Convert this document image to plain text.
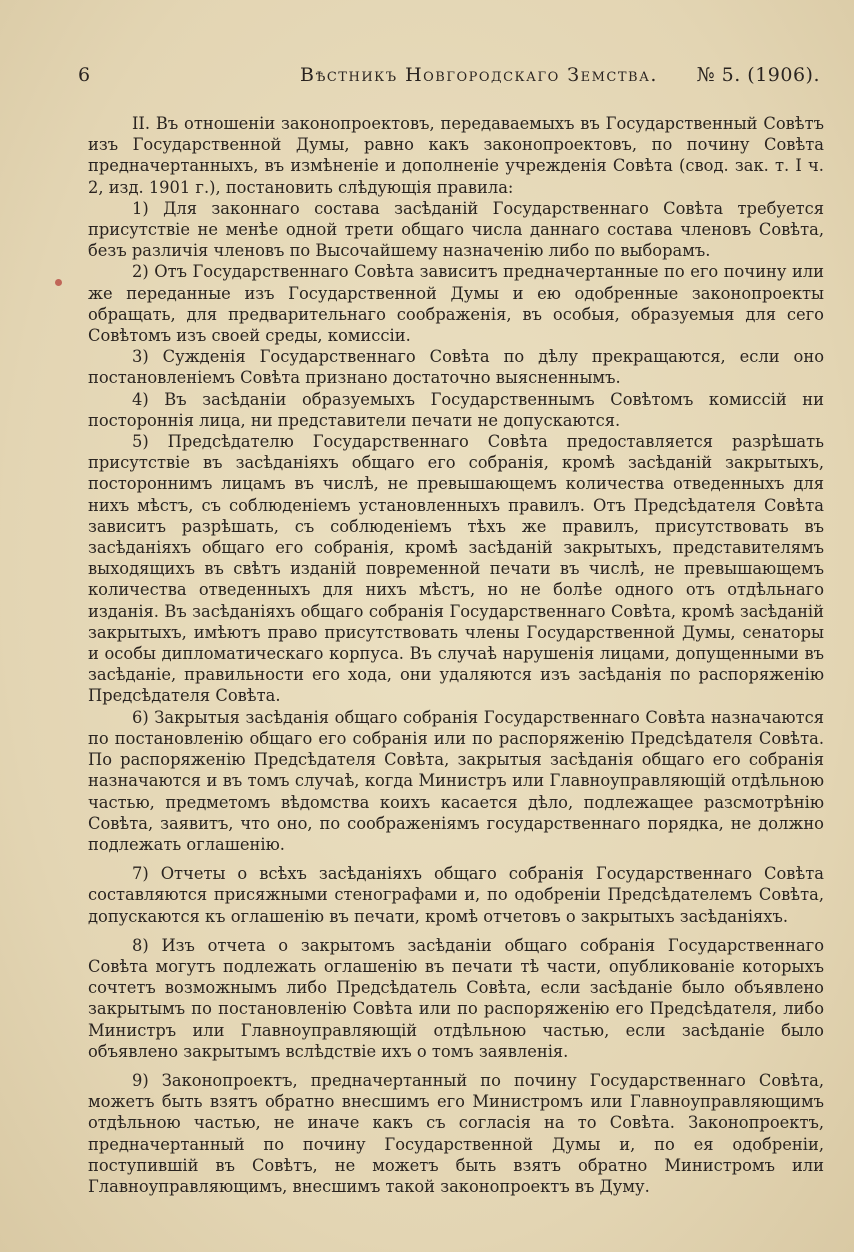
6	Вѣстникъ Новгородскаго Земства. № 5. (1906).

II. Въ отношеніи законопроектовъ, передаваемыхъ въ Государственный Совѣтъ изъ Государственной Думы, равно какъ законопроектовъ, по почину Совѣта предначертанныхъ, въ измѣненіе и дополненіе учрежденія Совѣта (свод. зак. т. I ч. 2, изд. 1901 г.), постановить слѣдующія правила:

1) Для законнаго состава засѣданій Государственнаго Совѣта требуется присутствіе не менѣе одной трети общаго числа даннаго состава членовъ Совѣта, безъ различія членовъ по Высочайшему назначенію либо по выборамъ.

2) Отъ Государственнаго Совѣта зависитъ предначертанные по его почину или же переданные изъ Государственной Думы и ею одобренные законопроекты обращать, для предварительнаго соображенія, въ особыя, образуемыя для сего Совѣтомъ изъ своей среды, комиссіи.

3) Сужденія Государственнаго Совѣта по дѣлу прекращаются, если оно постановленіемъ Совѣта признано достаточно выясненнымъ.

4) Въ засѣданіи образуемыхъ Государственнымъ Совѣтомъ комиссій ни постороннія лица, ни представители печати не допускаются.

5) Предсѣдателю Государственнаго Совѣта предоставляется разрѣшать присутствіе въ засѣданіяхъ общаго его собранія, кромѣ засѣданій закрытыхъ, постороннимъ лицамъ въ числѣ, не превышающемъ количества отведенныхъ для нихъ мѣстъ, съ соблюденіемъ установленныхъ правилъ. Отъ Предсѣдателя Совѣта зависитъ разрѣшать, съ соблюденіемъ тѣхъ же правилъ, присутствовать въ засѣданіяхъ общаго его собранія, кромѣ засѣданій закрытыхъ, представителямъ выходящихъ въ свѣтъ изданій повременной печати въ числѣ, не превышающемъ количества отведенныхъ для нихъ мѣстъ, но не болѣе одного отъ отдѣльнаго изданія. Въ засѣданіяхъ общаго собранія Государственнаго Совѣта, кромѣ засѣданій закрытыхъ, имѣютъ право присутствовать члены Государственной Думы, сенаторы и особы дипломатическаго корпуса. Въ случаѣ нарушенія лицами, допущенными въ засѣданіе, правильности его хода, они удаляются изъ засѣданія по распоряженію Предсѣдателя Совѣта.

6) Закрытыя засѣданія общаго собранія Государственнаго Совѣта назначаются по постановленію общаго его собранія или по распоряженію Предсѣдателя Совѣта. По распоряженію Предсѣдателя Совѣта, закрытыя засѣданія общаго его собранія назначаются и въ томъ случаѣ, когда Министръ или Главноуправляющій отдѣльною частью, предметомъ вѣдомства коихъ касается дѣло, подлежащее разсмотрѣнію Совѣта, заявитъ, что оно, по соображеніямъ государственнаго порядка, не должно подлежать оглашенію.

7) Отчеты о всѣхъ засѣданіяхъ общаго собранія Государственнаго Совѣта составляются присяжными стенографами и, по одобреніи Предсѣдателемъ Совѣта, допускаются къ оглашенію въ печати, кромѣ отчетовъ о закрытыхъ засѣданіяхъ.

8) Изъ отчета о закрытомъ засѣданіи общаго собранія Государственнаго Совѣта могутъ подлежать оглашенію въ печати тѣ части, опубликованіе которыхъ сочтетъ возможнымъ либо Предсѣдатель Совѣта, если засѣданіе было объявлено закрытымъ по постановленію Совѣта или по распоряженію его Предсѣдателя, либо Министръ или Главноуправляющій отдѣльною частью, если засѣданіе было объявлено закрытымъ вслѣдствіе ихъ о томъ заявленія.

9) Законопроектъ, предначертанный по почину Государственнаго Совѣта, можетъ быть взятъ обратно внесшимъ его Министромъ или Главноуправляющимъ отдѣльною частью, не иначе какъ съ согласія на то Совѣта. Законопроектъ, предначертанный по почину Государственной Думы и, по ея одобреніи, поступившій въ Совѣтъ, не можетъ быть взятъ обратно Министромъ или Главноуправляющимъ, внесшимъ такой законопроектъ въ Думу.
